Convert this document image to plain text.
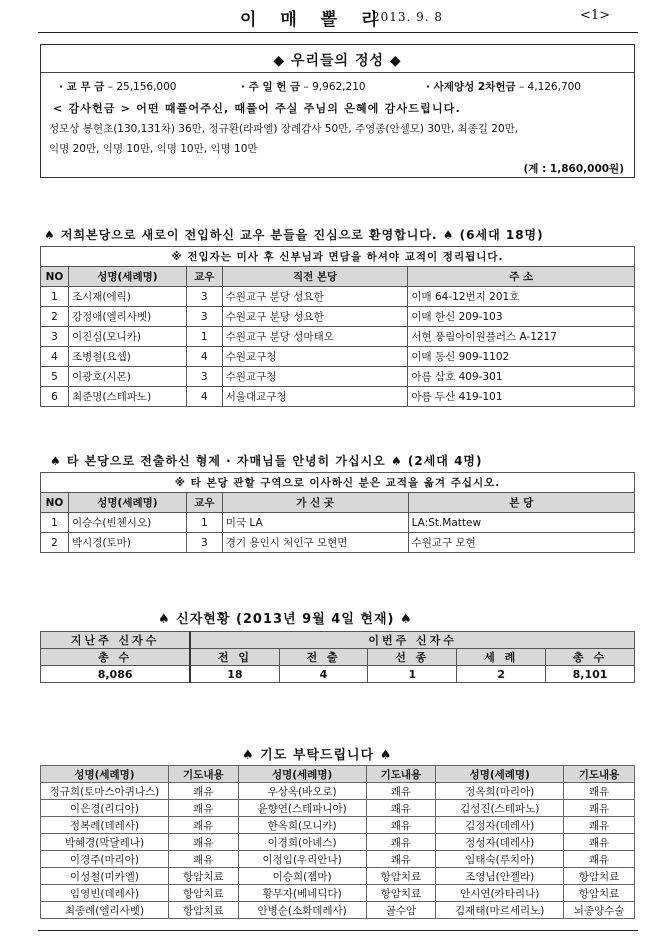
이 매 뽈 리
2013. 9. 8	<1>
◆ 우리들의 정성 ◆
· 교 무 금 – 25,156,000	· 주 일 헌 금 – 9,962,210	· 사제양성 2차헌금 – 4,126,700
< 감사헌금 > 어떤 때풀어주신, 때풀어 주실 주님의 은혜에 감사드립니다.
성모상 봉헌초(130,131차) 36만, 정규환(라파엘) 장례감사 50만, 주영종(안셀모) 30만, 최종길 20만,
익명 20만, 익명 10만, 익명 10만, 익명 10만
(계 : 1,860,000원)
♠ 저희본당으로 새로이 전입하신 교우 분들을 진심으로 환영합니다. ♠ (6세대 18명)
※ 전입자는 미사 후 신부님과 면담을 하셔야 교적이 정리됩니다.				
NO	성명(세례명)	교우	직전 본당	주 소
1	조시재(에릭)	3	수원교구 분당 성요한	이매 64-12번지 201호
2	강정애(엘리사벳)	3	수원교구 분당 성요한	이매 한신 209-103
3	이진심(모니카)	1	수원교구 분당 성마태오	서현 풍림아이원플러스 A-1217
4	조병철(요셉)	4	수원교구청	이매 동신 909-1102
5	이광호(시몬)	3	수원교구청	아름 삼호 409-301
6	최준명(스테파노)	4	서울대교구청	아름 두산 419-101
♠ 타 본당으로 전출하신 형제 · 자매님들 안녕히 가십시오 ♠ (2세대 4명)
※ 타 본당 관할 구역으로 이사하신 분은 교적을 옮겨 주십시오.				
NO	성명(세례명)	교우	가 신 곳	본 당
1	이승수(빈첸시오)	1	미국 LA	LA:St.Mattew
2	박시경(토마)	3	경기 용인시 처인구 모현면	수원교구 모현
♠ 신자현황 (2013년 9월 4일 현재) ♠
지난주 신자수	이번주 신자수				
총 수	전 입	전 출	선 종	세 례	총 수
8,086	18	4	1	2	8,101
♠ 기도 부탁드립니다 ♠
성명(세례명)	기도내용	성명(세례명)	기도내용	성명(세례명)	기도내용
정규희(토마스아퀴나스)	쾌유	우상옥(바오로)	쾌유	정옥희(마리아)	쾌유
이은경(리디아)	쾌유	윤향연(스테파니아)	쾌유	김성진(스테파노)	쾌유
정복례(데레사)	쾌유	한옥희(모니카)	쾌유	김정자(데레사)	쾌유
박혜경(막달레나)	쾌유	이경희(아녜스)	쾌유	정성자(데레사)	쾌유
이경주(마리아)	쾌유	이정임(우리안나)	쾌유	임태숙(루치아)	쾌유
이성철(미카엘)	항암치료	이승희(젬마)	항암치료	조영님(안젤라)	항암치료
임영빈(데레사)	항암치료	황무자(베네딕다)	항암치료	안시연(카타리나)	항암치료
최종례(엘리사벳)	항암치료	안병순(소화데레사)	골수암	김재태(마르세리노)	뇌종양수술
